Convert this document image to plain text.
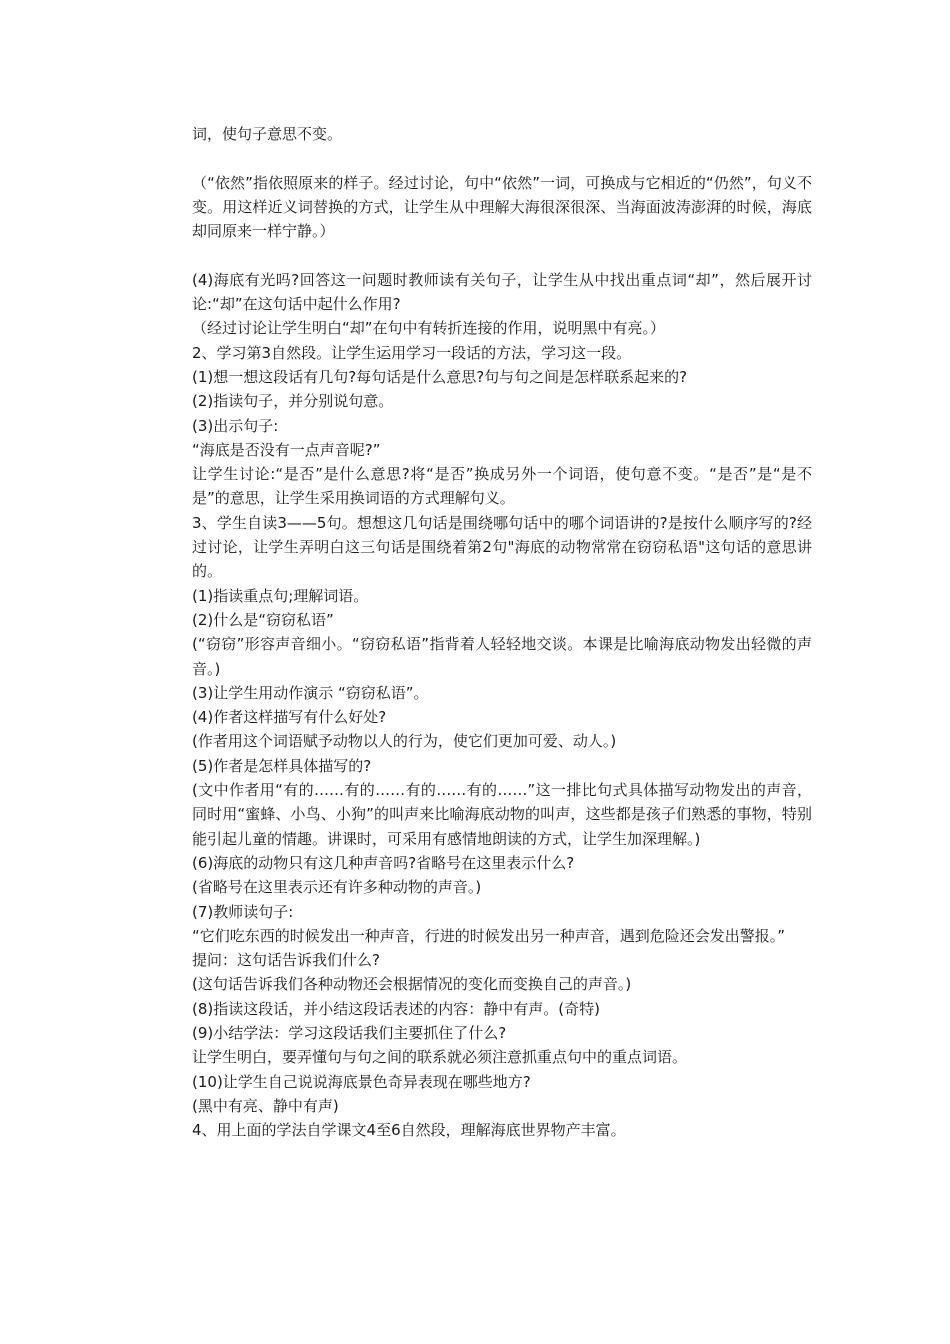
词，使句子意思不变。

（“依然”指依照原来的样子。经过讨论，句中“依然”一词，可换成与它相近的“仍然”，句义不变。用这样近义词替换的方式，让学生从中理解大海很深很深、当海面波涛澎湃的时候，海底却同原来一样宁静。）

(4)海底有光吗?回答这一问题时教师读有关句子，让学生从中找出重点词“却”，然后展开讨论:“却”在这句话中起什么作用?

（经过讨论让学生明白“却”在句中有转折连接的作用，说明黑中有亮。）

2、学习第3自然段。让学生运用学习一段话的方法，学习这一段。

(1)想一想这段话有几句?每句话是什么意思?句与句之间是怎样联系起来的?

(2)指读句子，并分别说句意。

(3)出示句子:

“海底是否没有一点声音呢?”

让学生讨论:“是否”是什么意思?将“是否”换成另外一个词语，使句意不变。“是否”是“是不是”的意思，让学生采用换词语的方式理解句义。

3、学生自读3——5句。想想这几句话是围绕哪句话中的哪个词语讲的?是按什么顺序写的?经过讨论，让学生弄明白这三句话是围绕着第2句"海底的动物常常在窃窃私语"这句话的意思讲的。

(1)指读重点句;理解词语。

(2)什么是“窃窃私语”

(“窃窃”形容声音细小。“窃窃私语”指背着人轻轻地交谈。本课是比喻海底动物发出轻微的声音。)

(3)让学生用动作演示 “窃窃私语”。

(4)作者这样描写有什么好处?

(作者用这个词语赋予动物以人的行为，使它们更加可爱、动人。)

(5)作者是怎样具体描写的?

(文中作者用“有的……有的……有的……有的……”这一排比句式具体描写动物发出的声音，同时用“蜜蜂、小鸟、小狗”的叫声来比喻海底动物的叫声，这些都是孩子们熟悉的事物，特别能引起儿童的情趣。讲课时，可采用有感情地朗读的方式，让学生加深理解。)

(6)海底的动物只有这几种声音吗?省略号在这里表示什么?

(省略号在这里表示还有许多种动物的声音。)

(7)教师读句子:

“它们吃东西的时候发出一种声音，行进的时候发出另一种声音，遇到危险还会发出警报。”

提问：这句话告诉我们什么?

(这句话告诉我们各种动物还会根据情况的变化而变换自己的声音。)

(8)指读这段话，并小结这段话表述的内容：静中有声。(奇特)

(9)小结学法：学习这段话我们主要抓住了什么?

让学生明白，要弄懂句与句之间的联系就必须注意抓重点句中的重点词语。

(10)让学生自己说说海底景色奇异表现在哪些地方?

(黑中有亮、静中有声)

4、用上面的学法自学课文4至6自然段，理解海底世界物产丰富。
